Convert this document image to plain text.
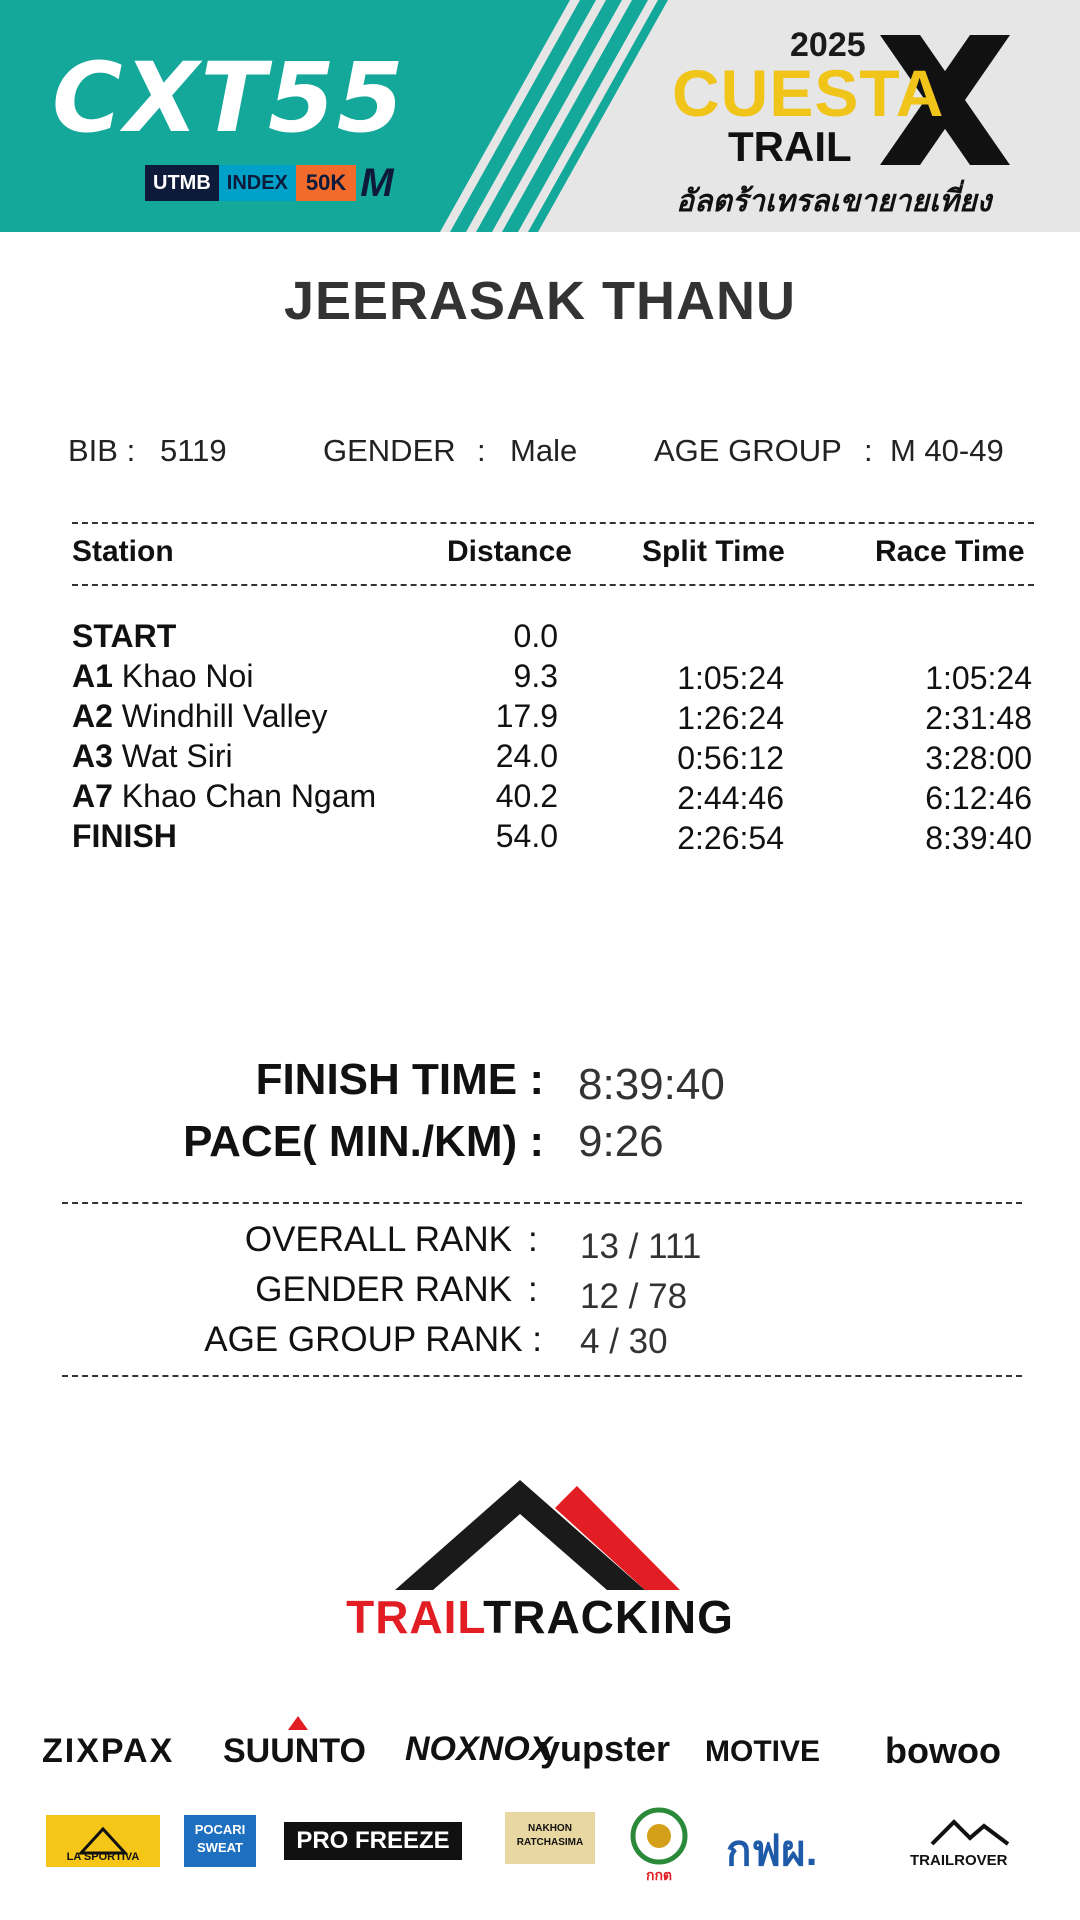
CXT55
UTMB INDEX 50K M
2025
CUESTA
TRAIL
อัลตร้าเทรลเขายายเที่ยง
JEERASAK THANU
BIB : 5119	GENDER : Male AGE GROUP : M 40-49
Station	Distance Split Time	Race Time
START	0.0
A1 Khao Noi	9.3	1:05:24	1:05:24
A2 Windhill Valley	17.9	1:26:24	2:31:48
A3 Wat Siri	24.0	0:56:12	3:28:00
A7 Khao Chan Ngam	40.2	2:44:46	6:12:46
FINISH	54.0	2:26:54	8:39:40
FINISH TIME : 8:39:40
PACE( MIN./KM) : 9:26
OVERALL RANK : 13 / 111
GENDER RANK : 12 / 78
AGE GROUP RANK : 4 / 30
TRAILTRACKING
ZIXPAX SUUNTO NOXNOX
yupster MOTIVE bowoo
LA SPORTIVA
POCARI SWEAT	PRO FREEZE	NAKHON RATCHASIMA
กกต
กฟผ.	TRAILROVER
